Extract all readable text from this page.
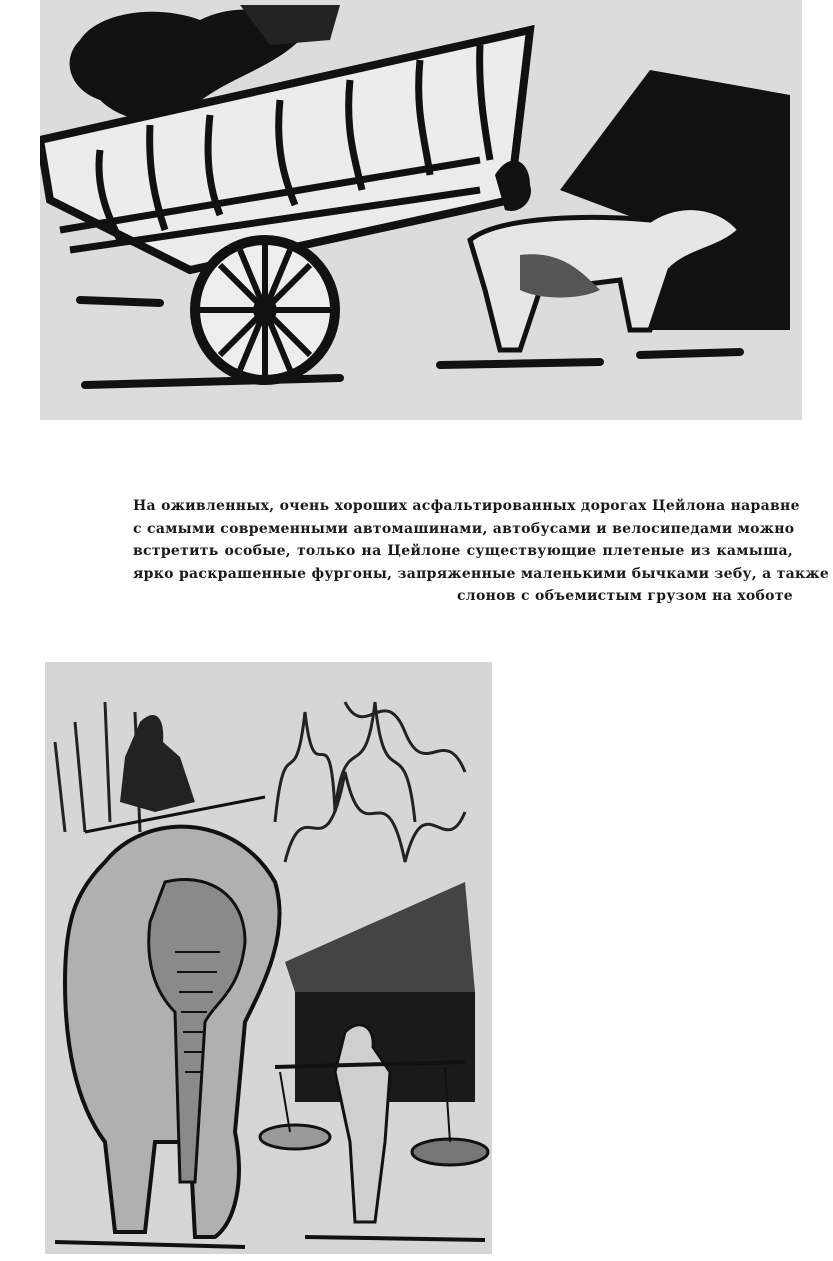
На оживленных, очень хороших асфальтированных дорогах Цейлона наравне
с самыми современными автомашинами, автобусами и велосипедами можно
встретить особые, только на Цейлоне существующие плетеные из камыша,
ярко раскрашенные фургоны, запряженные маленькими бычками зебу, а также
слонов с объемистым грузом на хоботе
